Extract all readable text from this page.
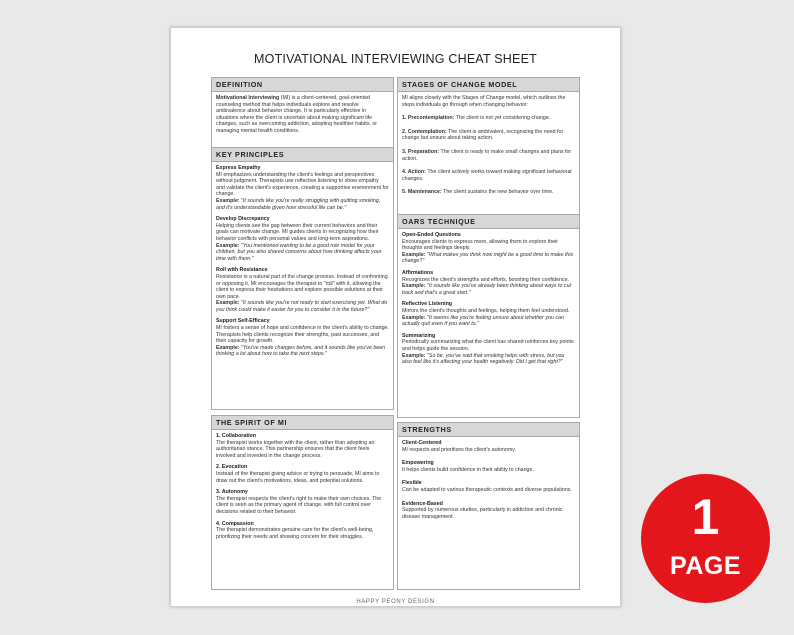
MOTIVATIONAL INTERVIEWING CHEAT SHEET
DEFINITION

Motivational Interviewing (MI) is a client-centered, goal-oriented counseling method that helps individuals explore and resolve ambivalence about behavior change. It is particularly effective in situations where the client is uncertain about making significant life changes, such as overcoming addiction, adopting healthier habits, or managing mental health conditions.

KEY PRINCIPLES
Express Empathy
MI emphasizes understanding the client's feelings and perspectives without judgment. Therapists use reflective listening to show empathy and validate the client's experience, creating a supportive environment for change.
Example: "It sounds like you're really struggling with quitting smoking, and it's understandable given how stressful life can be."
Develop Discrepancy
Helping clients see the gap between their current behaviors and their goals can motivate change. MI guides clients in recognizing how their behavior conflicts with personal values and long-term aspirations.
Example: "You mentioned wanting to be a good role model for your children, but you also shared concerns about how drinking affects your time with them."
Roll with Resistance
Resistance is a natural part of the change process. Instead of confronting or opposing it, MI encourages the therapist to "roll" with it, allowing the client to express their hesitations and explore possible solutions at their own pace.
Example: "It sounds like you're not ready to start exercising yet. What do you think could make it easier for you to consider it in the future?"
Support Self-Efficacy
MI fosters a sense of hope and confidence in the client's ability to change. Therapists help clients recognize their strengths, past successes, and their capacity for growth.
Example: "You've made changes before, and it sounds like you've been thinking a lot about how to take the next steps."
THE SPIRIT OF MI
1. Collaboration
The therapist works together with the client, rather than adopting an authoritarian stance. This partnership ensures that the client feels involved and invested in the change process.
2. Evocation
Instead of the therapist giving advice or trying to persuade, MI aims to draw out the client's motivations, ideas, and potential solutions.
3. Autonomy
The therapist respects the client's right to make their own choices. The client is seen as the primary agent of change, with full control over decisions related to their behavior.
4. Compassion
The therapist demonstrates genuine care for the client's well-being, prioritizing their needs and showing concern for their struggles.
STAGES OF CHANGE MODEL

MI aligns closely with the Stages of Change model, which outlines the steps individuals go through when changing behavior:

1. Precontemplation: The client is not yet considering change.

2. Contemplation: The client is ambivalent, recognizing the need for change but unsure about taking action.

3. Preparation: The client is ready to make small changes and plans for action.

4. Action: The client actively works toward making significant behavioral changes.

5. Maintenance: The client sustains the new behavior over time.

OARS TECHNIQUE
Open-Ended Questions
Encourages clients to express more, allowing them to explore their thoughts and feelings deeply.
Example: "What makes you think now might be a good time to make this change?"
Affirmations
Recognizes the client's strengths and efforts, boosting their confidence.
Example: "It sounds like you've already been thinking about ways to cut back and that's a great start."
Reflective Listening
Mirrors the client's thoughts and feelings, helping them feel understood.
Example: "It seems like you're feeling unsure about whether you can actually quit even if you want to."
Summarizing
Periodically summarizing what the client has shared reinforces key points and helps guide the session.
Example: "So far, you've said that smoking helps with stress, but you also feel like it's affecting your health negatively. Did I get that right?"
STRENGTHS
Client-Centered
MI respects and prioritizes the client's autonomy.
Empowering
It helps clients build confidence in their ability to change.
Flexible
Can be adapted to various therapeutic contexts and diverse populations.
Evidence-Based
Supported by numerous studies, particularly in addiction and chronic disease management.
HAPPY PEONY DESIGN
1
PAGE
